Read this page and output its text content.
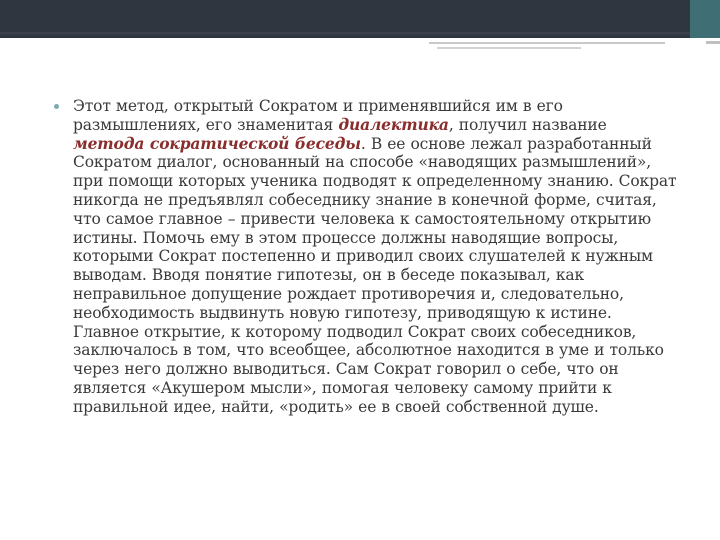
Этот метод, открытый Сократом и применявшийся им в его размышлениях, его знаменитая диалектика, получил название метода сократической беседы. В ее основе лежал разработанный Сократом диалог, основанный на способе «наводящих размышлений», при помощи которых ученика подводят к определенному знанию. Сократ никогда не предъявлял собеседнику знание в конечной форме, считая, что самое главное – привести человека к самостоятельному открытию истины. Помочь ему в этом процессе должны наводящие вопросы, которыми Сократ постепенно и приводил своих слушателей к нужным выводам. Вводя понятие гипотезы, он в беседе показывал, как неправильное допущение рождает противоречия и, следовательно, необходимость выдвинуть новую гипотезу, приводящую к истине. Главное открытие, к которому подводил Сократ своих собеседников, заключалось в том, что всеобщее, абсолютное находится в уме и только через него должно выводиться. Сам Сократ говорил о себе, что он является «Акушером мысли», помогая человеку самому прийти к правильной идее, найти, «родить» ее в своей собственной душе.
